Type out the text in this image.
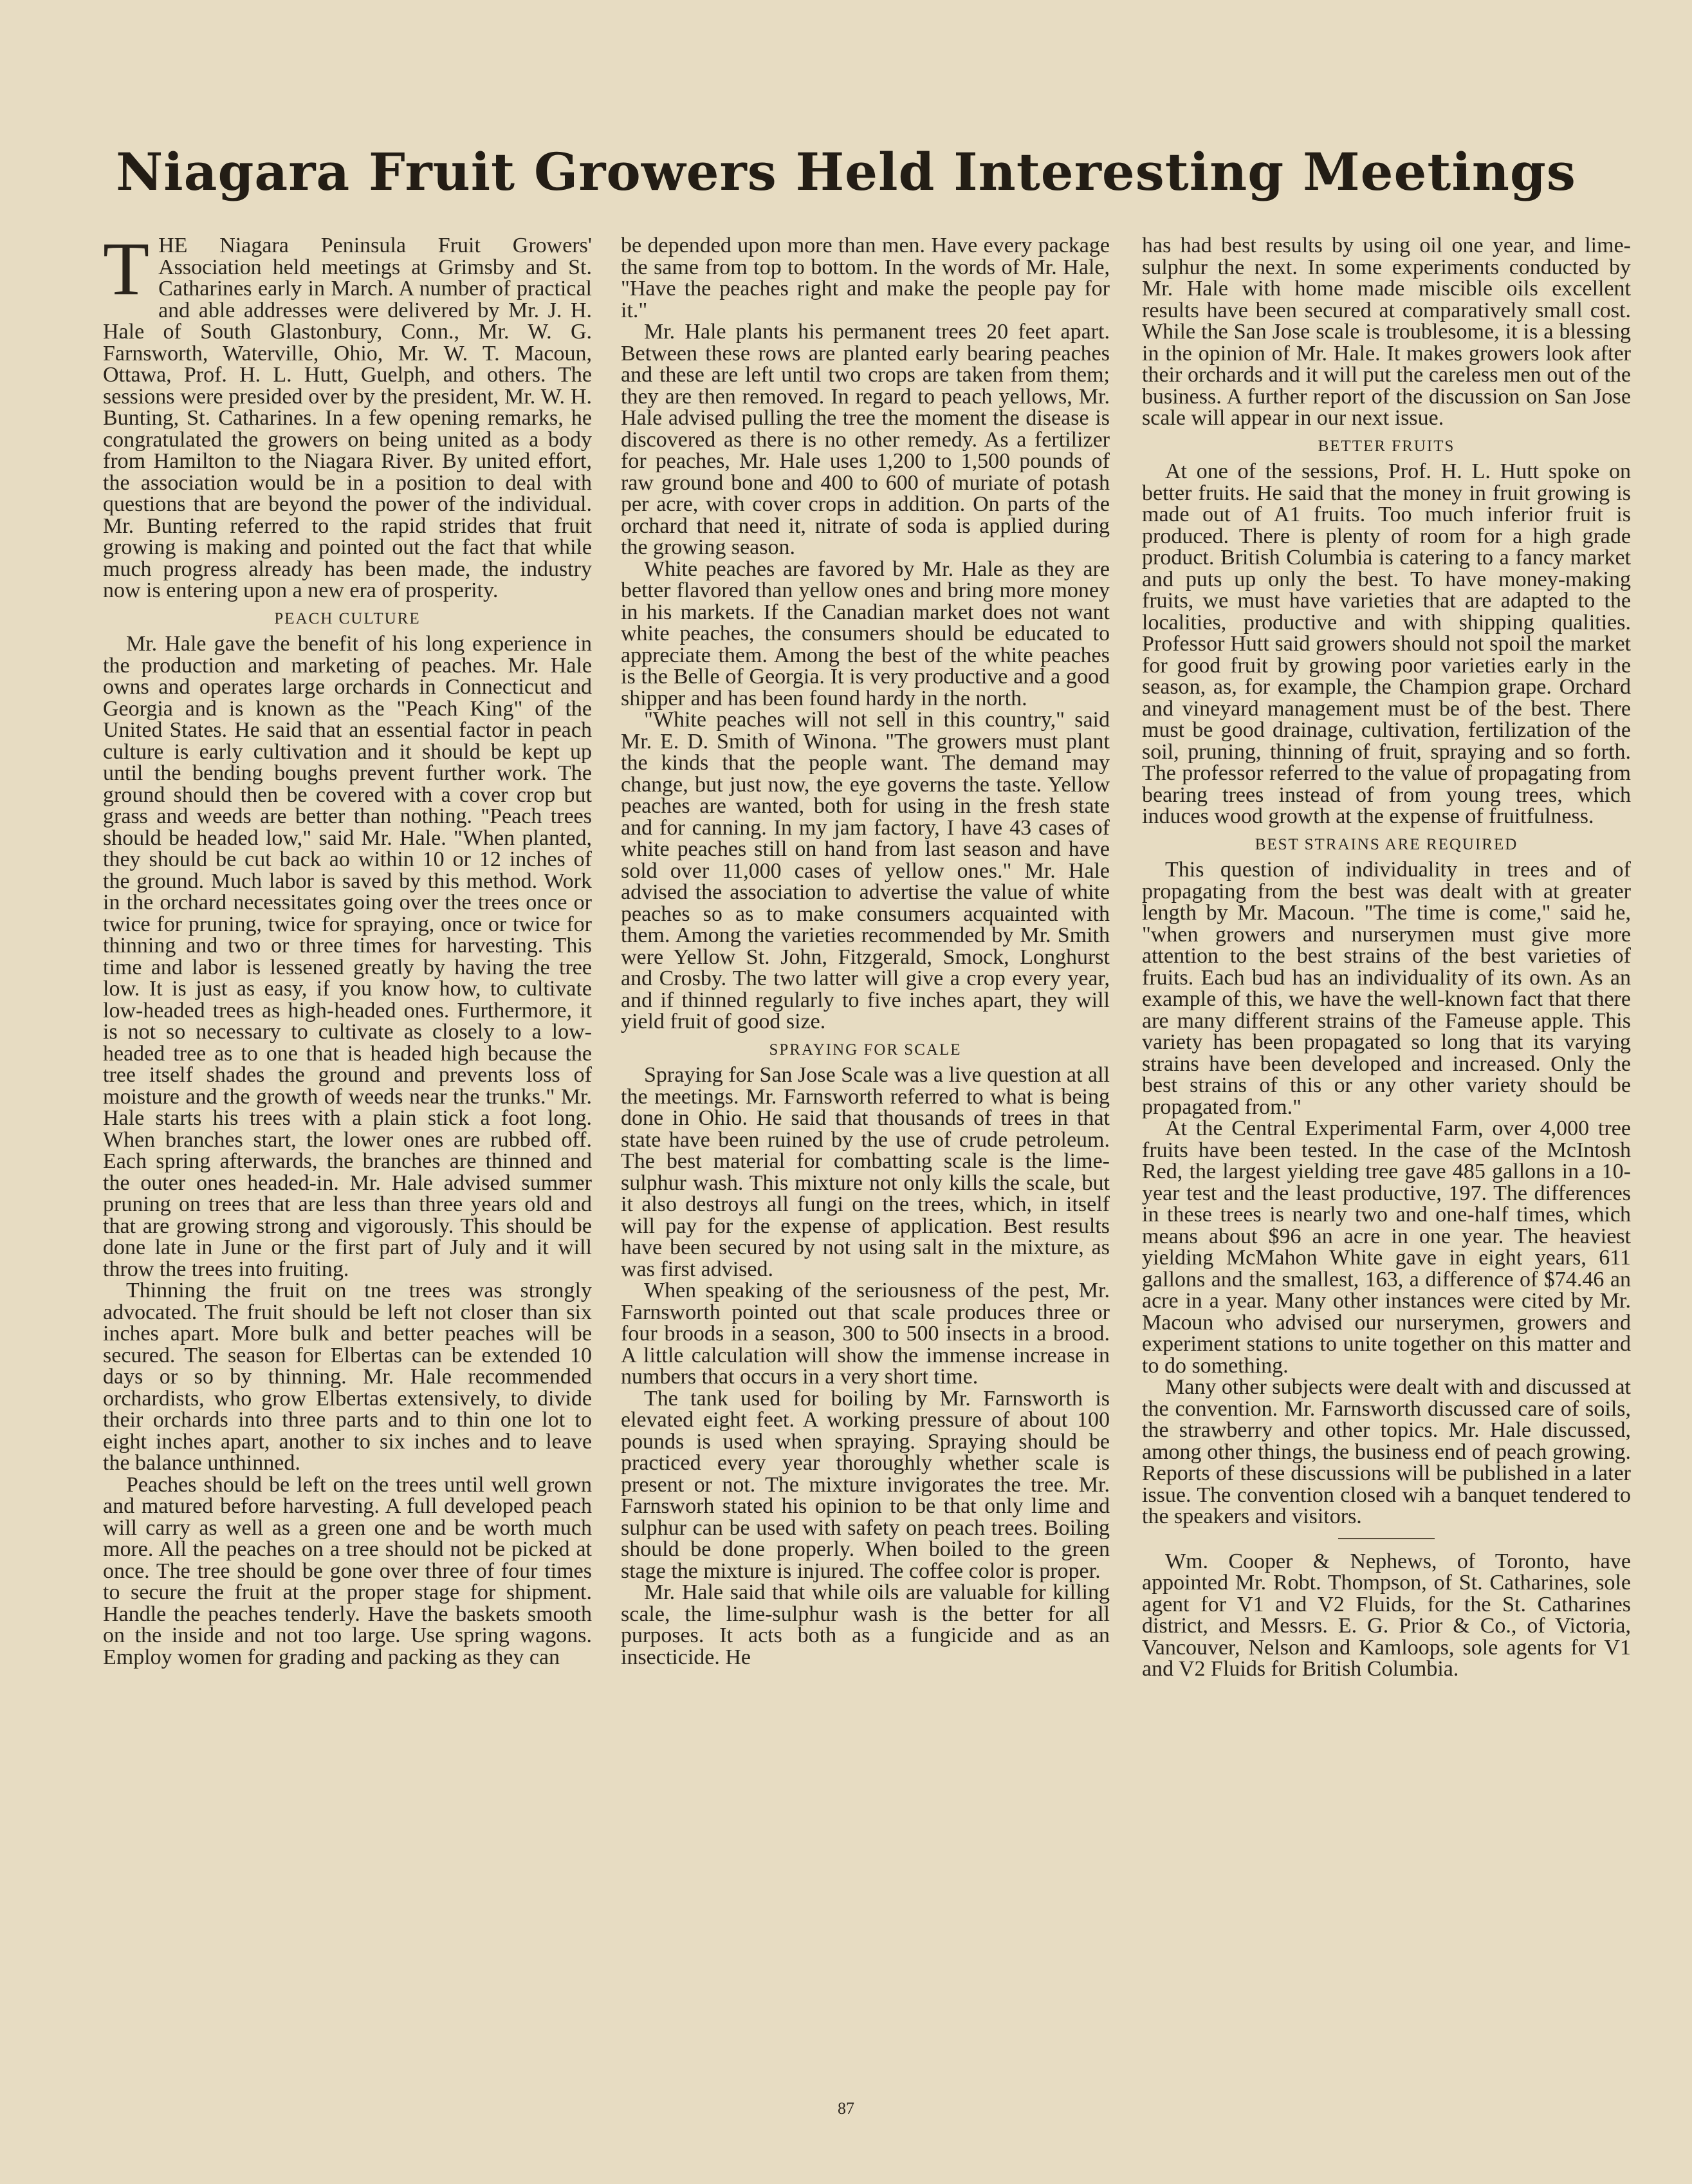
Niagara Fruit Growers Held Interesting Meetings

THE Niagara Peninsula Fruit Growers' Association held meetings at Grimsby and St. Catharines early in March. A number of practical and able addresses were delivered by Mr. J. H. Hale of South Glastonbury, Conn., Mr. W. G. Farnsworth, Waterville, Ohio, Mr. W. T. Macoun, Ottawa, Prof. H. L. Hutt, Guelph, and others. The sessions were presided over by the president, Mr. W. H. Bunting, St. Catharines. In a few opening remarks, he congratulated the growers on being united as a body from Hamilton to the Niagara River. By united effort, the association would be in a position to deal with questions that are beyond the power of the individual. Mr. Bunting referred to the rapid strides that fruit growing is making and pointed out the fact that while much progress already has been made, the industry now is entering upon a new era of prosperity.

PEACH CULTURE

Mr. Hale gave the benefit of his long experience in the production and marketing of peaches. Mr. Hale owns and operates large orchards in Connecticut and Georgia and is known as the "Peach King" of the United States. He said that an essential factor in peach culture is early cultivation and it should be kept up until the bending boughs prevent further work. The ground should then be covered with a cover crop but grass and weeds are better than nothing. "Peach trees should be headed low," said Mr. Hale. "When planted, they should be cut back ao within 10 or 12 inches of the ground. Much labor is saved by this method. Work in the orchard necessitates going over the trees once or twice for pruning, twice for spraying, once or twice for thinning and two or three times for harvesting. This time and labor is lessened greatly by having the tree low. It is just as easy, if you know how, to cultivate low-headed trees as high-headed ones. Furthermore, it is not so necessary to cultivate as closely to a low-headed tree as to one that is headed high because the tree itself shades the ground and prevents loss of moisture and the growth of weeds near the trunks." Mr. Hale starts his trees with a plain stick a foot long. When branches start, the lower ones are rubbed off. Each spring afterwards, the branches are thinned and the outer ones headed-in. Mr. Hale advised summer pruning on trees that are less than three years old and that are growing strong and vigorously. This should be done late in June or the first part of July and it will throw the trees into fruiting.

Thinning the fruit on tne trees was strongly advocated. The fruit should be left not closer than six inches apart. More bulk and better peaches will be secured. The season for Elbertas can be extended 10 days or so by thinning. Mr. Hale recommended orchardists, who grow Elbertas extensively, to divide their orchards into three parts and to thin one lot to eight inches apart, another to six inches and to leave the balance unthinned.

Peaches should be left on the trees until well grown and matured before harvesting. A full developed peach will carry as well as a green one and be worth much more. All the peaches on a tree should not be picked at once. The tree should be gone over three of four times to secure the fruit at the proper stage for shipment. Handle the peaches tenderly. Have the baskets smooth on the inside and not too large. Use spring wagons. Employ women for grading and packing as they can

be depended upon more than men. Have every package the same from top to bottom. In the words of Mr. Hale, "Have the peaches right and make the people pay for it."

Mr. Hale plants his permanent trees 20 feet apart. Between these rows are planted early bearing peaches and these are left until two crops are taken from them; they are then removed. In regard to peach yellows, Mr. Hale advised pulling the tree the moment the disease is discovered as there is no other remedy. As a fertilizer for peaches, Mr. Hale uses 1,200 to 1,500 pounds of raw ground bone and 400 to 600 of muriate of potash per acre, with cover crops in addition. On parts of the orchard that need it, nitrate of soda is applied during the growing season.

White peaches are favored by Mr. Hale as they are better flavored than yellow ones and bring more money in his markets. If the Canadian market does not want white peaches, the consumers should be educated to appreciate them. Among the best of the white peaches is the Belle of Georgia. It is very productive and a good shipper and has been found hardy in the north.

"White peaches will not sell in this country," said Mr. E. D. Smith of Winona. "The growers must plant the kinds that the people want. The demand may change, but just now, the eye governs the taste. Yellow peaches are wanted, both for using in the fresh state and for canning. In my jam factory, I have 43 cases of white peaches still on hand from last season and have sold over 11,000 cases of yellow ones." Mr. Hale advised the association to advertise the value of white peaches so as to make consumers acquainted with them. Among the varieties recommended by Mr. Smith were Yellow St. John, Fitzgerald, Smock, Longhurst and Crosby. The two latter will give a crop every year, and if thinned regularly to five inches apart, they will yield fruit of good size.

SPRAYING FOR SCALE

Spraying for San Jose Scale was a live question at all the meetings. Mr. Farnsworth referred to what is being done in Ohio. He said that thousands of trees in that state have been ruined by the use of crude petroleum. The best material for combatting scale is the lime-sulphur wash. This mixture not only kills the scale, but it also destroys all fungi on the trees, which, in itself will pay for the expense of application. Best results have been secured by not using salt in the mixture, as was first advised.

When speaking of the seriousness of the pest, Mr. Farnsworth pointed out that scale produces three or four broods in a season, 300 to 500 insects in a brood. A little calculation will show the immense increase in numbers that occurs in a very short time.

The tank used for boiling by Mr. Farnsworth is elevated eight feet. A working pressure of about 100 pounds is used when spraying. Spraying should be practiced every year thoroughly whether scale is present or not. The mixture invigorates the tree. Mr. Farnsworh stated his opinion to be that only lime and sulphur can be used with safety on peach trees. Boiling should be done properly. When boiled to the green stage the mixture is injured. The coffee color is proper.

Mr. Hale said that while oils are valuable for killing scale, the lime-sulphur wash is the better for all purposes. It acts both as a fungicide and as an insecticide. He

has had best results by using oil one year, and lime-sulphur the next. In some experiments conducted by Mr. Hale with home made miscible oils excellent results have been secured at comparatively small cost. While the San Jose scale is troublesome, it is a blessing in the opinion of Mr. Hale. It makes growers look after their orchards and it will put the careless men out of the business. A further report of the discussion on San Jose scale will appear in our next issue.

BETTER FRUITS

At one of the sessions, Prof. H. L. Hutt spoke on better fruits. He said that the money in fruit growing is made out of A1 fruits. Too much inferior fruit is produced. There is plenty of room for a high grade product. British Columbia is catering to a fancy market and puts up only the best. To have money-making fruits, we must have varieties that are adapted to the localities, productive and with shipping qualities. Professor Hutt said growers should not spoil the market for good fruit by growing poor varieties early in the season, as, for example, the Champion grape. Orchard and vineyard management must be of the best. There must be good drainage, cultivation, fertilization of the soil, pruning, thinning of fruit, spraying and so forth. The professor referred to the value of propagating from bearing trees instead of from young trees, which induces wood growth at the expense of fruitfulness.

BEST STRAINS ARE REQUIRED

This question of individuality in trees and of propagating from the best was dealt with at greater length by Mr. Macoun. "The time is come," said he, "when growers and nurserymen must give more attention to the best strains of the best varieties of fruits. Each bud has an individuality of its own. As an example of this, we have the well-known fact that there are many different strains of the Fameuse apple. This variety has been propagated so long that its varying strains have been developed and increased. Only the best strains of this or any other variety should be propagated from."

At the Central Experimental Farm, over 4,000 tree fruits have been tested. In the case of the McIntosh Red, the largest yielding tree gave 485 gallons in a 10-year test and the least productive, 197. The differences in these trees is nearly two and one-half times, which means about $96 an acre in one year. The heaviest yielding McMahon White gave in eight years, 611 gallons and the smallest, 163, a difference of $74.46 an acre in a year. Many other instances were cited by Mr. Macoun who advised our nurserymen, growers and experiment stations to unite together on this matter and to do something.

Many other subjects were dealt with and discussed at the convention. Mr. Farnsworth discussed care of soils, the strawberry and other topics. Mr. Hale discussed, among other things, the business end of peach growing. Reports of these discussions will be published in a later issue. The convention closed wih a banquet tendered to the speakers and visitors.

Wm. Cooper & Nephews, of Toronto, have appointed Mr. Robt. Thompson, of St. Catharines, sole agent for V1 and V2 Fluids, for the St. Catharines district, and Messrs. E. G. Prior & Co., of Victoria, Vancouver, Nelson and Kamloops, sole agents for V1 and V2 Fluids for British Columbia.

87
